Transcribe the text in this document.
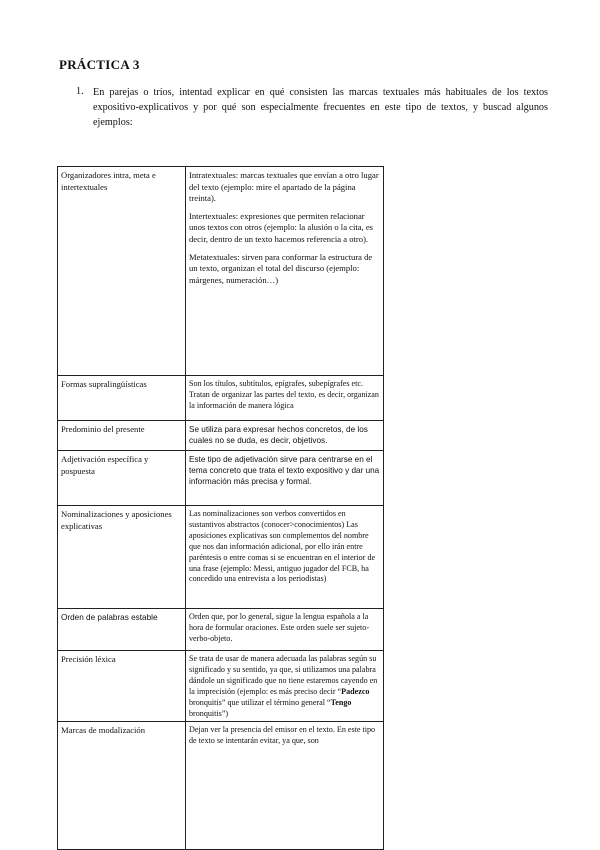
PRÁCTICA 3
1. En parejas o tríos, intentad explicar en qué consisten las marcas textuales más habituales de los textos expositivo-explicativos y por qué son especialmente frecuentes en este tipo de textos, y buscad algunos ejemplos:
Organizadores intra, meta e intertextuales	Intratextuales: marcas textuales que envían a otro lugar del texto (ejemplo: mire el apartado de la página treinta).
Intertextuales: expresiones que permiten relacionar unos textos con otros (ejemplo: la alusión o la cita, es decir, dentro de un texto hacemos referencia a otro).
Metatextuales: sirven para conformar la estructura de un texto, organizan el total del discurso (ejemplo: márgenes, numeración…)

Formas supralingüísticas	Son los títulos, subtítulos, epígrafes, subepígrafes etc. Tratan de organizar las partes del texto, es decir, organizan la información de manera lógica
Predominio del presente	Se utiliza para expresar hechos concretos, de los cuales no se duda, es decir, objetivos.
Adjetivación específica y pospuesta	Este tipo de adjetivación sirve para centrarse en el tema concreto que trata el texto expositivo y dar una información más precisa y formal.
Nominalizaciones y aposiciones explicativas	Las nominalizaciones son verbos convertidos en sustantivos abstractos (conocer>conocimientos) Las aposiciones explicativas son complementos del nombre que nos dan información adicional, por ello irán entre paréntesis o entre comas si se encuentran en el interior de una frase (ejemplo: Messi, antiguo jugador del FCB, ha concedido una entrevista a los periodistas)
Orden de palabras estable	Orden que, por lo general, sigue la lengua española a la hora de formular oraciones. Este orden suele ser sujeto-verbo-objeto.
Precisión léxica	Se trata de usar de manera adecuada las palabras según su significado y su sentido, ya que, si utilizamos una palabra dándole un significado que no tiene estaremos cayendo en la imprecisión (ejemplo: es más preciso decir “Padezco bronquitis” que utilizar el término general “Tengo bronquitis”)
Marcas de modalización	Dejan ver la presencia del emisor en el texto. En este tipo de texto se intentarán evitar, ya que, son
